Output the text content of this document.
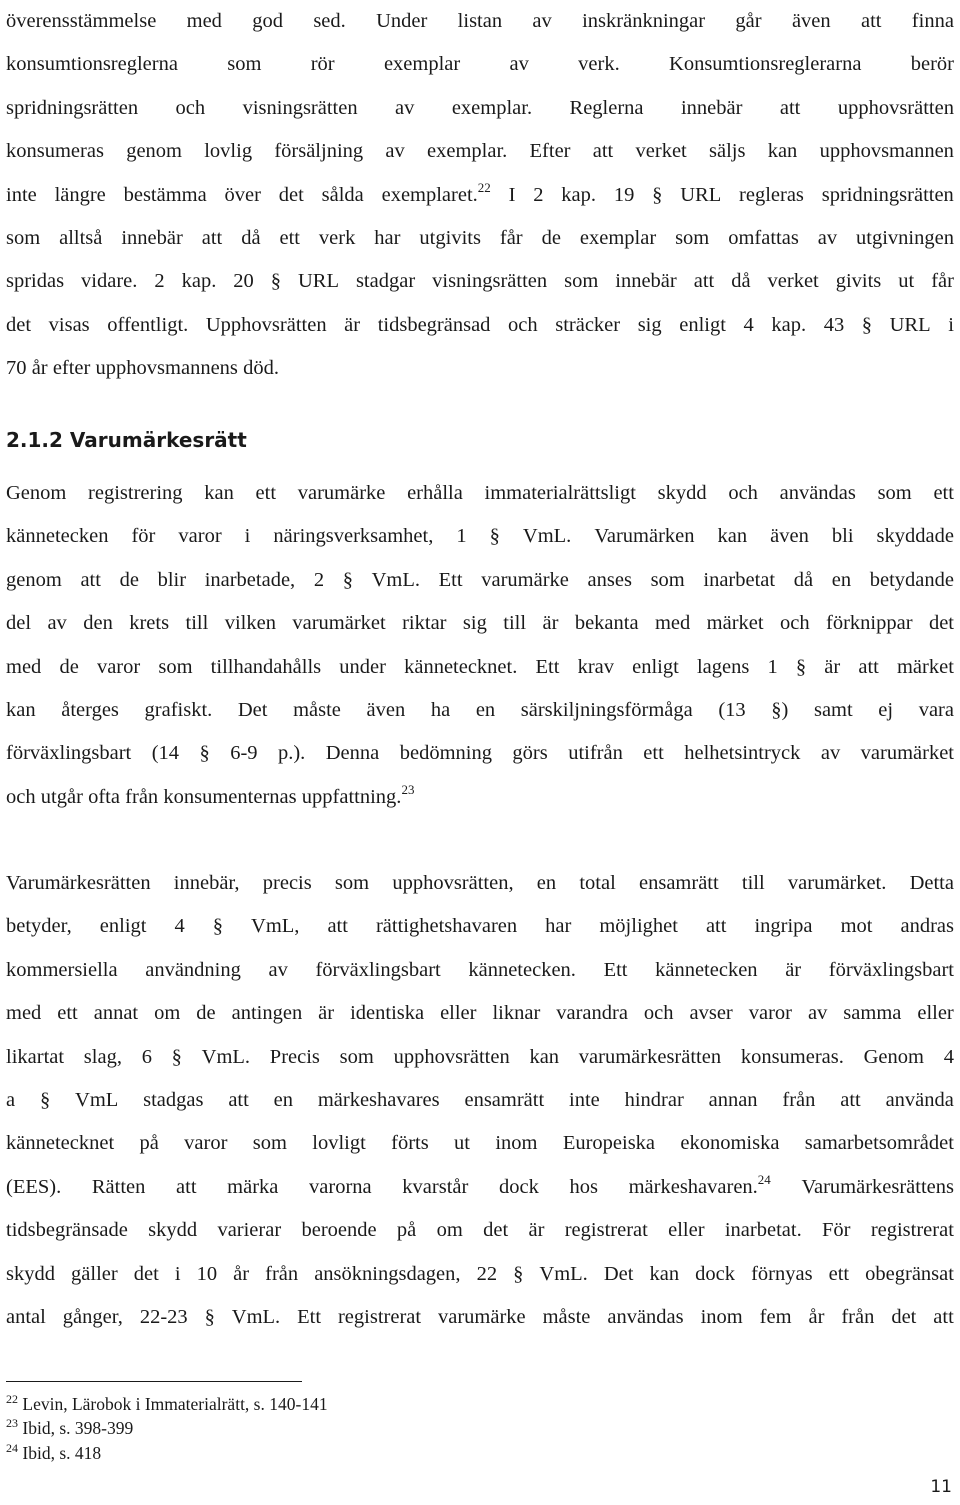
överensstämmelse med god sed. Under listan av inskränkningar går även att finna
konsumtionsreglerna som rör exemplar av verk. Konsumtionsreglerarna berör
spridningsrätten och visningsrätten av exemplar. Reglerna innebär att upphovsrätten
konsumeras genom lovlig försäljning av exemplar. Efter att verket säljs kan upphovsmannen
inte längre bestämma över det sålda exemplaret.$^{22}$ I 2 kap. 19 § URL regleras spridningsrätten
som alltså innebär att då ett verk har utgivits får de exemplar som omfattas av utgivningen
spridas vidare. 2 kap. 20 § URL stadgar visningsrätten som innebär att då verket givits ut får
det visas offentligt. Upphovsrätten är tidsbegränsad och sträcker sig enligt 4 kap. 43 § URL i
70 år efter upphovsmannens död.
2.1.2 Varumärkesrätt
Genom registrering kan ett varumärke erhålla immaterialrättsligt skydd och användas som ett
kännetecken för varor i näringsverksamhet, 1 § VmL. Varumärken kan även bli skyddade
genom att de blir inarbetade, 2 § VmL. Ett varumärke anses som inarbetat då en betydande
del av den krets till vilken varumärket riktar sig till är bekanta med märket och förknippar det
med de varor som tillhandahålls under kännetecknet. Ett krav enligt lagens 1 § är att märket
kan återges grafiskt. Det måste även ha en särskiljningsförmåga (13 §) samt ej vara
förväxlingsbart (14 § 6-9 p.). Denna bedömning görs utifrån ett helhetsintryck av varumärket
och utgår ofta från konsumenternas uppfattning.$^{23}$
Varumärkesrätten innebär, precis som upphovsrätten, en total ensamrätt till varumärket. Detta
betyder, enligt 4 § VmL, att rättighetshavaren har möjlighet att ingripa mot andras
kommersiella användning av förväxlingsbart kännetecken. Ett kännetecken är förväxlingsbart
med ett annat om de antingen är identiska eller liknar varandra och avser varor av samma eller
likartat slag, 6 § VmL. Precis som upphovsrätten kan varumärkesrätten konsumeras. Genom 4
a § VmL stadgas att en märkeshavares ensamrätt inte hindrar annan från att använda
kännetecknet på varor som lovligt förts ut inom Europeiska ekonomiska samarbetsområdet
(EES). Rätten att märka varorna kvarstår dock hos märkeshavaren.$^{24}$ Varumärkesrättens
tidsbegränsade skydd varierar beroende på om det är registrerat eller inarbetat. För registrerat
skydd gäller det i 10 år från ansökningsdagen, 22 § VmL. Det kan dock förnyas ett obegränsat
antal gånger, 22-23 § VmL. Ett registrerat varumärke måste användas inom fem år från det att
$^{22}$ Levin, Lärobok i Immaterialrätt, s. 140-141
$^{23}$ Ibid, s. 398-399
$^{24}$ Ibid, s. 418
11
